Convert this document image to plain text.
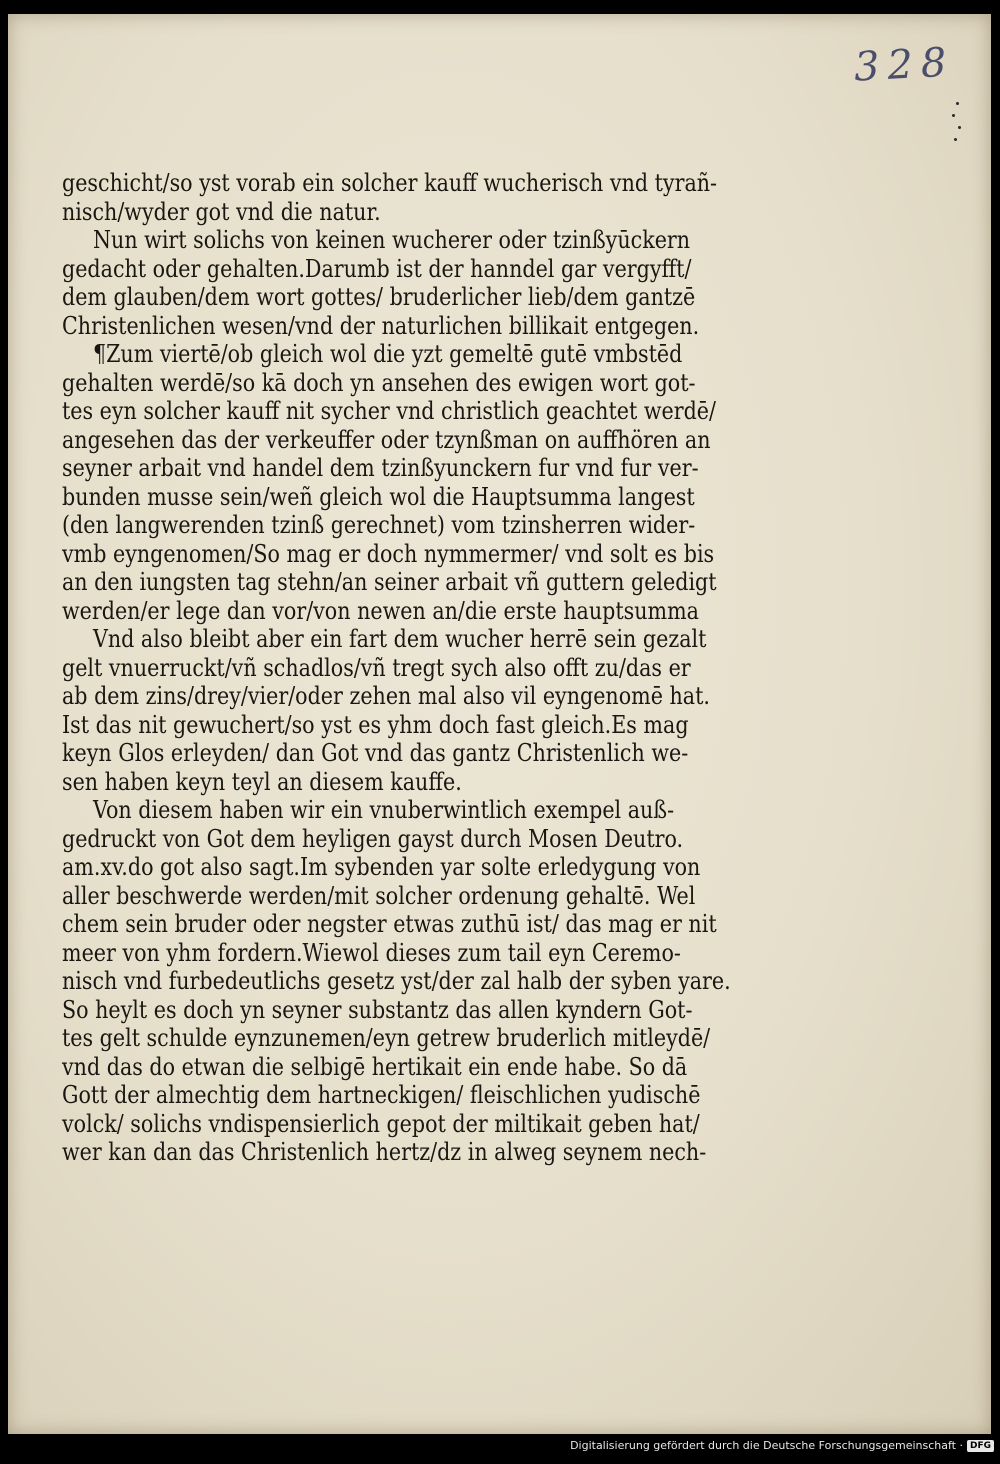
328
geschicht/so yst vorab ein solcher kauff wucherisch vnd tyrañ-
nisch/wyder got vnd die natur.
Nun wirt solichs von keinen wucherer oder tzinßyūckern
gedacht oder gehalten.Darumb ist der hanndel gar vergyfft/
dem glauben/dem wort gottes/ bruderlicher lieb/dem gantzē
Christenlichen wesen/vnd der naturlichen billikait entgegen.
¶Zum viertē/ob gleich wol die yzt gemeltē gutē vmbstēd
gehalten werdē/so kā doch yn ansehen des ewigen wort got-
tes eyn solcher kauff nit sycher vnd christlich geachtet werdē/
angesehen das der verkeuffer oder tzynßman on auffhören an
seyner arbait vnd handel dem tzinßyunckern fur vnd fur ver-
bunden musse sein/weñ gleich wol die Hauptsumma langest
(den langwerenden tzinß gerechnet) vom tzinsherren wider-
vmb eyngenomen/So mag er doch nymmermer/ vnd solt es bis
an den iungsten tag stehn/an seiner arbait vñ guttern geledigt
werden/er lege dan vor/von newen an/die erste hauptsumma
Vnd also bleibt aber ein fart dem wucher herrē sein gezalt
gelt vnuerruckt/vñ schadlos/vñ tregt sych also offt zu/das er
ab dem zins/drey/vier/oder zehen mal also vil eyngenomē hat.
Ist das nit gewuchert/so yst es yhm doch fast gleich.Es mag
keyn Glos erleyden/ dan Got vnd das gantz Christenlich we-
sen haben keyn teyl an diesem kauffe.
Von diesem haben wir ein vnuberwintlich exempel auß-
gedruckt von Got dem heyligen gayst durch Mosen Deutro.
am.xv.do got also sagt.Im sybenden yar solte erledygung von
aller beschwerde werden/mit solcher ordenung gehaltē. Wel
chem sein bruder oder negster etwas zuthū ist/ das mag er nit
meer von yhm fordern.Wiewol dieses zum tail eyn Ceremo-
nisch vnd furbedeutlichs gesetz yst/der zal halb der syben yare.
So heylt es doch yn seyner substantz das allen kyndern Got-
tes gelt schulde eynzunemen/eyn getrew bruderlich mitleydē/
vnd das do etwan die selbigē hertikait ein ende habe. So dā
Gott der almechtig dem hartneckigen/ fleischlichen yudischē
volck/ solichs vndispensierlich gepot der miltikait geben hat/
wer kan dan das Christenlich hertz/dz in alweg seynem nech-
Digitalisierung gefördert durch die Deutsche Forschungsgemeinschaft · DFG
